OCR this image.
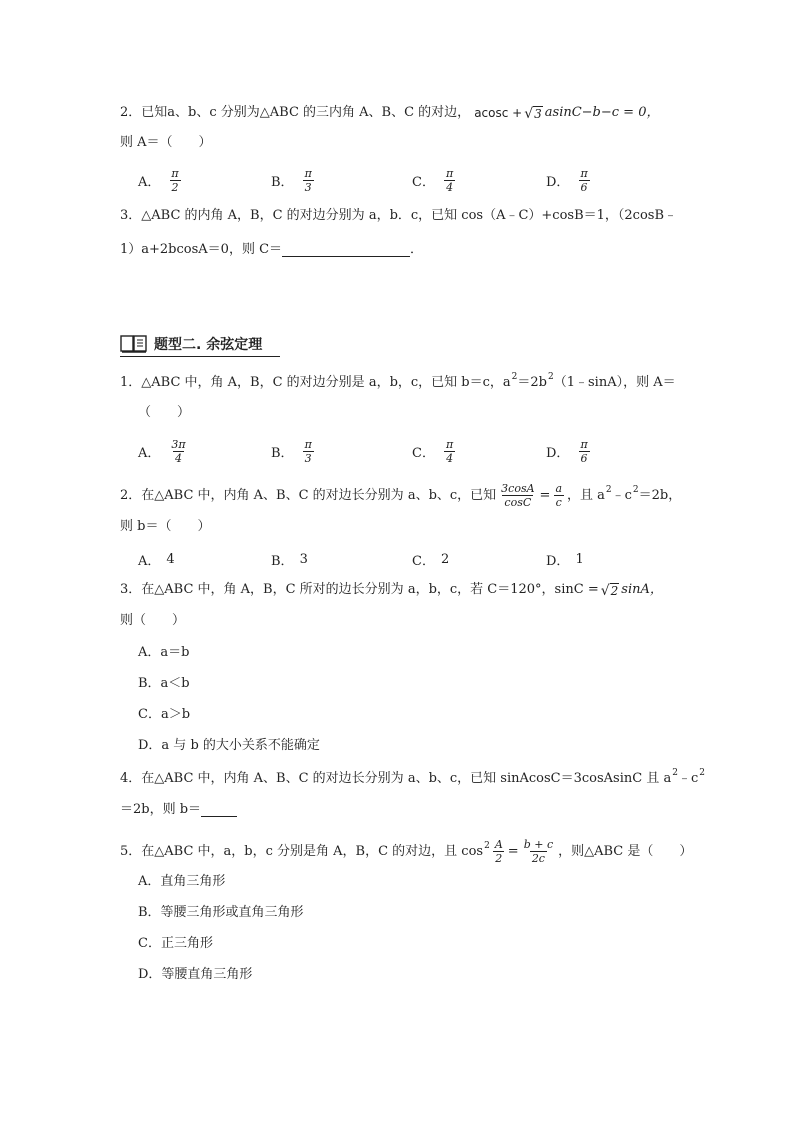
2．已知 a、b、c 分别为△ABC 的三内角 A、B、C 的对边， acosc + √ 3 asinC−b−c = 0，
则 A＝（　　）
A． $\frac{\pi}{2}$	B． $\frac{\pi}{3}$	C． $\frac{\pi}{4}$	D． $\frac{\pi}{6}$
3．△ABC 的内角 A，B，C 的对边分别为 a，b．c，已知 cos（A﹣C）+cosB＝1，（2cosB﹣
1）a+2bcosA＝0，则 C＝	．
题型二. 余弦定理
1．△ABC 中，角 A，B，C 的对边分别是 a，b，c，已知 b＝c，a 2 ＝2b 2 （1﹣sinA），则 A＝
（　　）
A． $\frac{3\pi}{4}$	B． $\frac{\pi}{3}$	C． $\frac{\pi}{4}$	D． $\frac{\pi}{6}$
2．在△ABC 中，内角 A、B、C 的对边长分别为 a、b、c，已知 $\frac{3\cos A}{\cos C} = \frac{a}{c}$ ，且 a 2 ﹣c 2 ＝2b，
则 b＝（　　）
A． 4	B． 3	C． 2	D． 1
3．在△ABC 中，角 A，B，C 所对的边长分别为 a，b，c，若 C＝120°，sinC = √ 2 sinA，
则（　　）
A．a＝b
B．a＜b
C．a＞b
D．a 与 b 的大小关系不能确定
4．在△ABC 中，内角 A、B、C 的对边长分别为 a、b、c，已知 sinAcosC＝3cosAsinC 且 a 2 ﹣c 2
＝2b，则 b＝
5．在△ABC 中，a，b，c 分别是角 A，B，C 的对边，且 $\cos 2 \frac{A}{2} = \frac{b + c}{2c}$ ，则△ABC 是（　　）
A．直角三角形
B．等腰三角形或直角三角形
C．正三角形
D．等腰直角三角形
